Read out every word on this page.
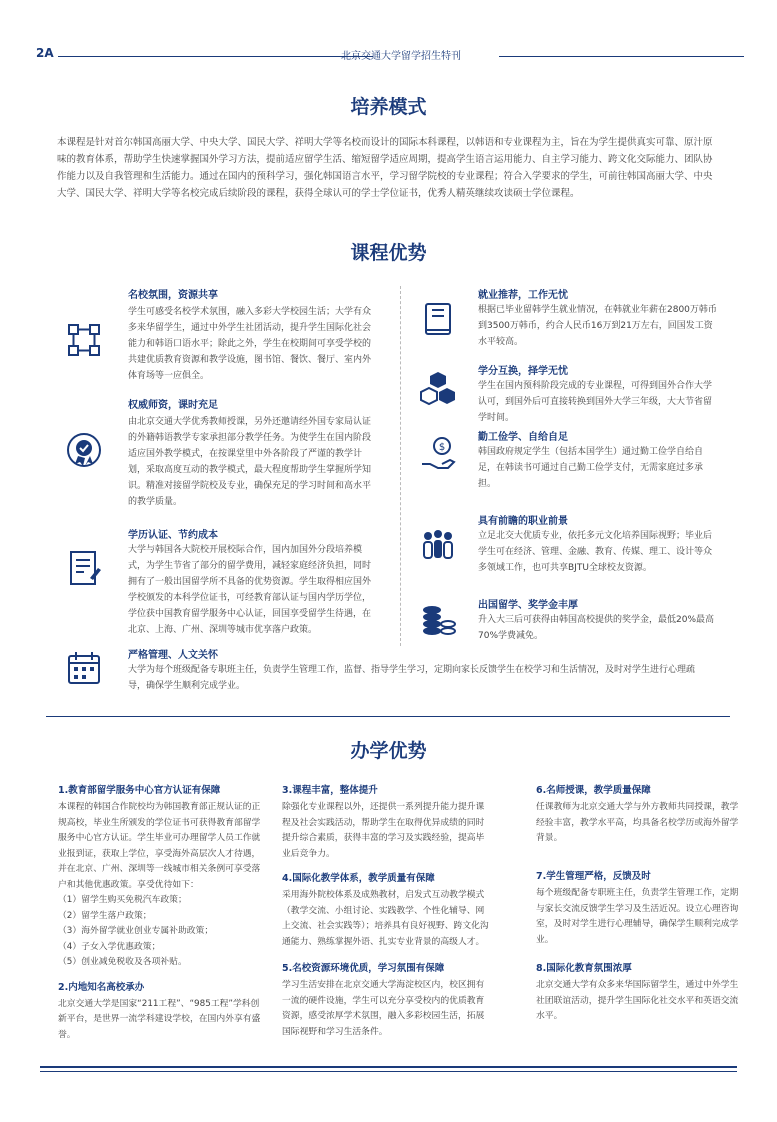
2A	北京交通大学留学招生特刊
培养模式
本课程是针对首尔韩国高丽大学、中央大学、国民大学、祥明大学等名校而设计的国际本科课程，以韩语和专业课程为主，旨在为学生提供真实可靠、原汁原味的教育体系，帮助学生快速掌握国外学习方法，提前适应留学生活、缩短留学适应周期，提高学生语言运用能力、自主学习能力、跨文化交际能力、团队协作能力以及自我管理和生活能力。通过在国内的预科学习，强化韩国语言水平，学习留学院校的专业课程；符合入学要求的学生，可前往韩国高丽大学、中央大学、国民大学、祥明大学等名校完成后续阶段的课程，获得全球认可的学士学位证书，优秀人精英继续攻读硕士学位课程。
课程优势
名校氛围，资源共享
学生可感受名校学术氛围，融入多彩大学校园生活；大学有众多来华留学生，通过中外学生社团活动，提升学生国际化社会能力和韩语口语水平；除此之外，学生在校期间可享受学校的共建优质教育资源和教学设施，图书馆、餐饮、餐厅、室内外体育场等一应俱全。
权威师资，课时充足
由北京交通大学优秀教师授课，另外还邀请经外国专家局认证的外籍韩语教学专家承担部分教学任务。为使学生在国内阶段适应国外教学模式，在按课堂里中外各阶段了严谨的教学计划，采取高度互动的教学模式，最大程度帮助学生掌握所学知识。精准对接留学院校及专业，确保充足的学习时间和高水平的教学质量。
学历认证、节约成本
大学与韩国各大院校开展校际合作，国内加国外分段培养模式，为学生节省了部分的留学费用，减轻家庭经济负担，同时拥有了一般出国留学所不具备的优势资源。学生取得相应国外学校颁发的本科学位证书，可经教育部认证与国内学历学位，学位获中国教育留学服务中心认证，回国享受留学生待遇，在北京、上海、广州、深圳等城市优享落户政策。
严格管理、人文关怀
大学为每个班级配备专职班主任，负责学生管理工作，监督、指导学生学习，定期向家长反馈学生在校学习和生活情况，及时对学生进行心理疏导，确保学生顺利完成学业。
就业推荐，工作无忧
根据已毕业留韩学生就业情况，在韩就业年薪在2800万韩币到3500万韩币，约合人民币16万到21万左右，回国发工资水平较高。
学分互换，择学无忧
学生在国内预科阶段完成的专业课程，可得到国外合作大学认可，到国外后可直接转换到国外大学三年级，大大节省留学时间。
$
勤工俭学、自给自足
韩国政府规定学生（包括本国学生）通过勤工俭学自给自足，在韩读书可通过自己勤工俭学支付，无需家庭过多承担。
具有前瞻的职业前景
立足北交大优质专业，依托多元文化培养国际视野；毕业后学生可在经济、管理、金融、教育、传媒、理工、设计等众多领域工作，也可共享BJTU全球校友资源。
出国留学、奖学金丰厚
升入大三后可获得由韩国高校提供的奖学金，最低20%最高70%学费减免。
办学优势
1.教育部留学服务中心官方认证有保障
本课程的韩国合作院校均为韩国教育部正规认证的正规高校，毕业生所颁发的学位证书可获得教育部留学服务中心官方认证。学生毕业可办理留学人员工作就业报到证，获取上学位，享受海外高层次人才待遇，并在北京、广州、深圳等一线城市相关条例可享受落户和其他优惠政策。享受优待如下：
（1）留学生购买免税汽车政策；
（2）留学生落户政策；
（3）海外留学就业创业专属补助政策；
（4）子女入学优惠政策；
（5）创业减免税收及各项补贴。
2.内地知名高校承办
北京交通大学是国家“211工程”、“985工程”学科创新平台，是世界一流学科建设学校，在国内外享有盛誉。
3.课程丰富，整体提升
除强化专业课程以外，还提供一系列提升能力提升课程及社会实践活动，帮助学生在取得优异成绩的同时提升综合素质，获得丰富的学习及实践经验，提高毕业后竞争力。
4.国际化教学体系，教学质量有保障
采用海外院校体系及成熟教材，启发式互动教学模式（教学交流、小组讨论、实践教学、个性化辅导、网上交流、社会实践等）；培养具有良好视野、跨文化沟通能力、熟练掌握外语、扎实专业背景的高级人才。
5.名校资源环境优质，学习氛围有保障
学习生活安排在北京交通大学海淀校区内，校区拥有一流的硬件设施，学生可以充分享受校内的优质教育资源，感受浓厚学术氛围，融入多彩校园生活，拓展国际视野和学习生活条件。
6.名师授课，教学质量保障
任课教师为北京交通大学与外方教师共同授课，教学经验丰富，教学水平高，均具备名校学历或海外留学背景。
7.学生管理严格，反馈及时
每个班级配备专职班主任，负责学生管理工作，定期与家长交流反馈学生学习及生活近况。设立心理咨询室，及时对学生进行心理辅导，确保学生顺利完成学业。
8.国际化教育氛围浓厚
北京交通大学有众多来华国际留学生，通过中外学生社团联谊活动，提升学生国际化社交水平和英语交流水平。
